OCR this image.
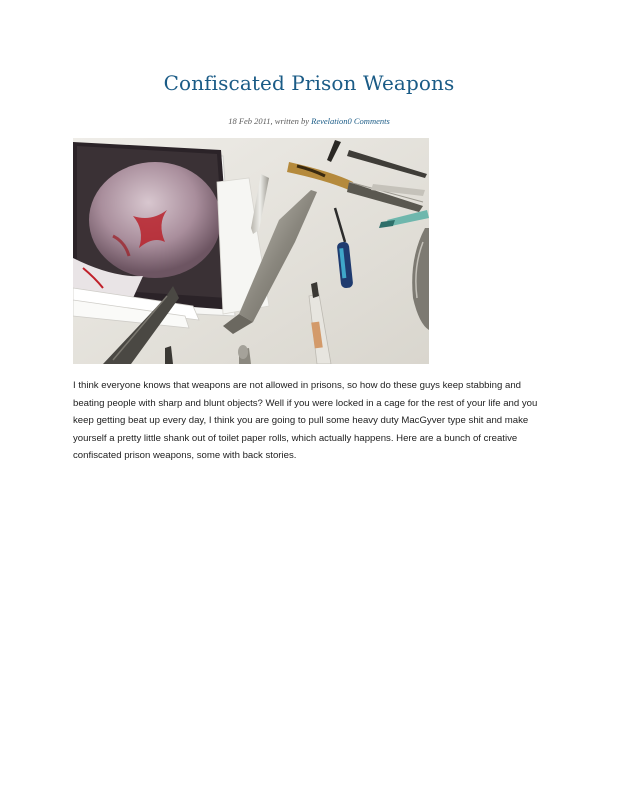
Confiscated Prison Weapons
18 Feb 2011, written by Revelation0 Comments

I think everyone knows that weapons are not allowed in prisons, so how do these guys keep stabbing and beating people with sharp and blunt objects? Well if you were locked in a cage for the rest of your life and you keep getting beat up every day, I think you are going to pull some heavy duty MacGyver type shit and make yourself a pretty little shank out of toilet paper rolls, which actually happens. Here are a bunch of creative confiscated prison weapons, some with back stories.
